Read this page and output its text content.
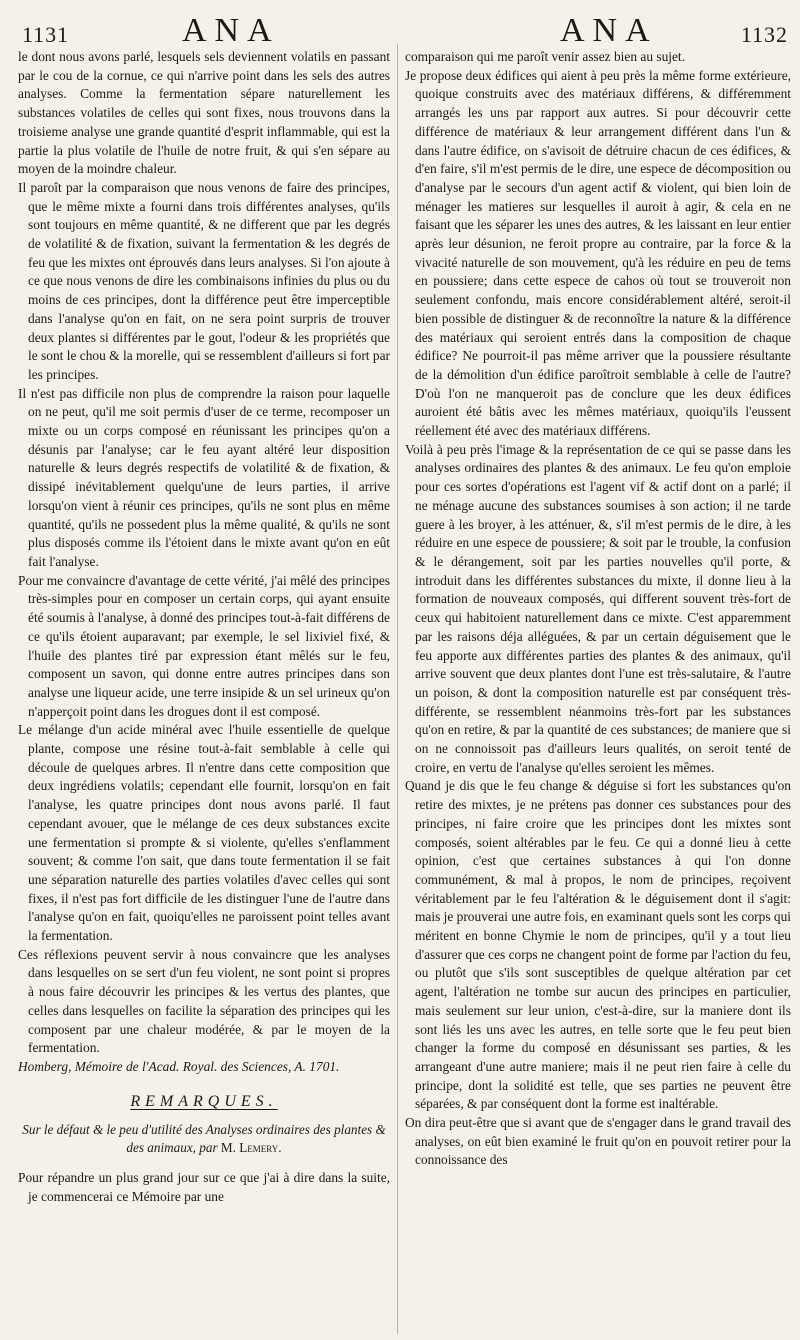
1131	ANA	ANA	1132

le dont nous avons parlé, lesquels sels deviennent volatils en passant par le cou de la cornue, ce qui n'arrive point dans les sels des autres analyses. Comme la fermentation sépare naturellement les substances volatiles de celles qui sont fixes, nous trouvons dans la troisieme analyse une grande quantité d'esprit inflammable, qui est la partie la plus volatile de l'huile de notre fruit, & qui s'en sépare au moyen de la moindre chaleur.

Il paroît par la comparaison que nous venons de faire des principes, que le même mixte a fourni dans trois différentes analyses, qu'ils sont toujours en même quantité, & ne different que par les degrés de volatilité & de fixation, suivant la fermentation & les degrés de feu que les mixtes ont éprouvés dans leurs analyses. Si l'on ajoute à ce que nous venons de dire les combinaisons infinies du plus ou du moins de ces principes, dont la différence peut être imperceptible dans l'analyse qu'on en fait, on ne sera point surpris de trouver deux plantes si différentes par le gout, l'odeur & les propriétés que le sont le chou & la morelle, qui se ressemblent d'ailleurs si fort par les principes.

Il n'est pas difficile non plus de comprendre la raison pour laquelle on ne peut, qu'il me soit permis d'user de ce terme, recomposer un mixte ou un corps composé en réunissant les principes qu'on a désunis par l'analyse; car le feu ayant altéré leur disposition naturelle & leurs degrés respectifs de volatilité & de fixation, & dissipé inévitablement quelqu'une de leurs parties, il arrive lorsqu'on vient à réunir ces principes, qu'ils ne sont plus en même quantité, qu'ils ne possedent plus la même qualité, & qu'ils ne sont plus disposés comme ils l'étoient dans le mixte avant qu'on en eût fait l'analyse.

Pour me convaincre d'avantage de cette vérité, j'ai mêlé des principes très-simples pour en composer un certain corps, qui ayant ensuite été soumis à l'analyse, à donné des principes tout-à-fait différens de ce qu'ils étoient auparavant; par exemple, le sel lixiviel fixé, & l'huile des plantes tiré par expression étant mêlés sur le feu, composent un savon, qui donne entre autres principes dans son analyse une liqueur acide, une terre insipide & un sel urineux qu'on n'apperçoit point dans les drogues dont il est composé.

Le mélange d'un acide minéral avec l'huile essentielle de quelque plante, compose une résine tout-à-fait semblable à celle qui découle de quelques arbres. Il n'entre dans cette composition que deux ingrédiens volatils; cependant elle fournit, lorsqu'on en fait l'analyse, les quatre principes dont nous avons parlé. Il faut cependant avouer, que le mélange de ces deux substances excite une fermentation si prompte & si violente, qu'elles s'enflamment souvent; & comme l'on sait, que dans toute fermentation il se fait une séparation naturelle des parties volatiles d'avec celles qui sont fixes, il n'est pas fort difficile de les distinguer l'une de l'autre dans l'analyse qu'on en fait, quoiqu'elles ne paroissent point telles avant la fermentation.

Ces réflexions peuvent servir à nous convaincre que les analyses dans lesquelles on se sert d'un feu violent, ne sont point si propres à nous faire découvrir les principes & les vertus des plantes, que celles dans lesquelles on facilite la séparation des principes qui les composent par une chaleur modérée, & par le moyen de la fermentation.

Homberg, Mémoire de l'Acad. Royal. des Sciences, A. 1701.

REMARQUES.

Sur le défaut & le peu d'utilité des Analyses ordinaires des plantes & des animaux, par M. Lemery.

Pour répandre un plus grand jour sur ce que j'ai à dire dans la suite, je commencerai ce Mémoire par une

comparaison qui me paroît venir assez bien au sujet.

Je propose deux édifices qui aient à peu près la même forme extérieure, quoique construits avec des matériaux différens, & différemment arrangés les uns par rapport aux autres. Si pour découvrir cette différence de matériaux & leur arrangement différent dans l'un & dans l'autre édifice, on s'avisoit de détruire chacun de ces édifices, & d'en faire, s'il m'est permis de le dire, une espece de décomposition ou d'analyse par le secours d'un agent actif & violent, qui bien loin de ménager les matieres sur lesquelles il auroit à agir, & cela en ne faisant que les séparer les unes des autres, & les laissant en leur entier après leur désunion, ne feroit propre au contraire, par la force & la vivacité naturelle de son mouvement, qu'à les réduire en peu de tems en poussiere; dans cette espece de cahos où tout se trouveroit non seulement confondu, mais encore considérablement altéré, seroit-il bien possible de distinguer & de reconnoître la nature & la différence des matériaux qui seroient entrés dans la composition de chaque édifice? Ne pourroit-il pas même arriver que la poussiere résultante de la démolition d'un édifice paroîtroit semblable à celle de l'autre? D'où l'on ne manqueroit pas de conclure que les deux édifices auroient été bâtis avec les mêmes matériaux, quoiqu'ils l'eussent réellement été avec des matériaux différens.

Voilà à peu près l'image & la représentation de ce qui se passe dans les analyses ordinaires des plantes & des animaux. Le feu qu'on emploie pour ces sortes d'opérations est l'agent vif & actif dont on a parlé; il ne ménage aucune des substances soumises à son action; il ne tarde guere à les broyer, à les atténuer, &, s'il m'est permis de le dire, à les réduire en une espece de poussiere; & soit par le trouble, la confusion & le dérangement, soit par les parties nouvelles qu'il porte, & introduit dans les différentes substances du mixte, il donne lieu à la formation de nouveaux composés, qui different souvent très-fort de ceux qui habitoient naturellement dans ce mixte. C'est apparemment par les raisons déja alléguées, & par un certain déguisement que le feu apporte aux différentes parties des plantes & des animaux, qu'il arrive souvent que deux plantes dont l'une est très-salutaire, & l'autre un poison, & dont la composition naturelle est par conséquent très-différente, se ressemblent néanmoins très-fort par les substances qu'on en retire, & par la quantité de ces substances; de maniere que si on ne connoissoit pas d'ailleurs leurs qualités, on seroit tenté de croire, en vertu de l'analyse qu'elles seroient les mêmes.

Quand je dis que le feu change & déguise si fort les substances qu'on retire des mixtes, je ne prétens pas donner ces substances pour des principes, ni faire croire que les principes dont les mixtes sont composés, soient altérables par le feu. Ce qui a donné lieu à cette opinion, c'est que certaines substances à qui l'on donne communément, & mal à propos, le nom de principes, reçoivent véritablement par le feu l'altération & le déguisement dont il s'agit: mais je prouverai une autre fois, en examinant quels sont les corps qui méritent en bonne Chymie le nom de principes, qu'il y a tout lieu d'assurer que ces corps ne changent point de forme par l'action du feu, ou plutôt que s'ils sont susceptibles de quelque altération par cet agent, l'altération ne tombe sur aucun des principes en particulier, mais seulement sur leur union, c'est-à-dire, sur la maniere dont ils sont liés les uns avec les autres, en telle sorte que le feu peut bien changer la forme du composé en désunissant ses parties, & les arrangeant d'une autre maniere; mais il ne peut rien faire à celle du principe, dont la solidité est telle, que ses parties ne peuvent être séparées, & par conséquent dont la forme est inaltérable.

On dira peut-être que si avant que de s'engager dans le grand travail des analyses, on eût bien examiné le fruit qu'on en pouvoit retirer pour la connoissance des
